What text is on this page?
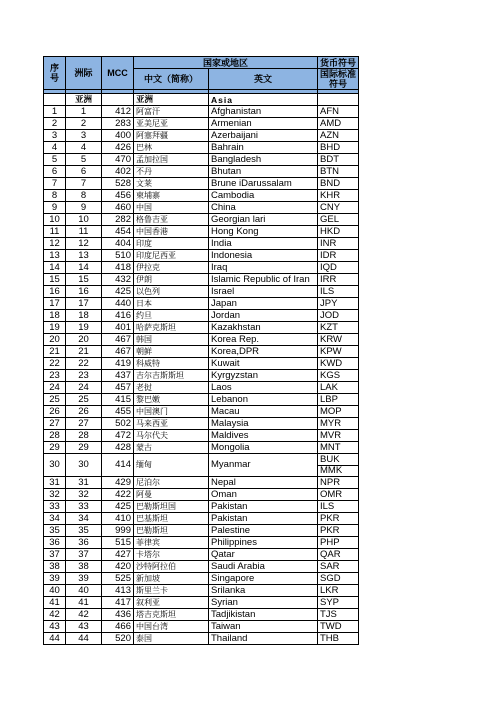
序号	洲际	MCC	国家或地区		货币符号
			中文（简称）	英文	国际标准符号

	亚洲		亚洲	Asia	
1	1	412	阿富汗	Afghanistan	AFN
2	2	283	亚美尼亚	Armenian	AMD
3	3	400	阿塞拜疆	Azerbaijani	AZN
4	4	426	巴林	Bahrain	BHD
5	5	470	孟加拉国	Bangladesh	BDT
6	6	402	不丹	Bhutan	BTN
7	7	528	文莱	Brune iDarussalam	BND
8	8	456	柬埔寨	Cambodia	KHR
9	9	460	中国	China	CNY
10	10	282	格鲁吉亚	Georgian lari	GEL
11	11	454	中国香港	Hong Kong	HKD
12	12	404	印度	India	INR
13	13	510	印度尼西亚	Indonesia	IDR
14	14	418	伊拉克	Iraq	IQD
15	15	432	伊朗	Islamic Republic of Iran	IRR
16	16	425	以色列	Israel	ILS
17	17	440	日本	Japan	JPY
18	18	416	约旦	Jordan	JOD
19	19	401	哈萨克斯坦	Kazakhstan	KZT
20	20	467	韩国	Korea Rep.	KRW
21	21	467	朝鲜	Korea,DPR	KPW
22	22	419	科威特	Kuwait	KWD
23	23	437	吉尔吉斯斯坦	Kyrgyzstan	KGS
24	24	457	老挝	Laos	LAK
25	25	415	黎巴嫩	Lebanon	LBP
26	26	455	中国澳门	Macau	MOP
27	27	502	马来西亚	Malaysia	MYR
28	28	472	马尔代夫	Maldives	MVR
29	29	428	蒙古	Mongolia	MNT
30	30	414	缅甸	Myanmar	BUK
					MMK
31	31	429	尼泊尔	Nepal	NPR
32	32	422	阿曼	Oman	OMR
33	33	425	巴勒斯坦国	Pakistan	ILS
34	34	410	巴基斯坦	Pakistan	PKR
35	35	999	巴勒斯坦	Palestine	PKR
36	36	515	菲律宾	Philippines	PHP
37	37	427	卡塔尔	Qatar	QAR
38	38	420	沙特阿拉伯	Saudi Arabia	SAR
39	39	525	新加坡	Singapore	SGD
40	40	413	斯里兰卡	Srilanka	LKR
41	41	417	叙利亚	Syrian	SYP
42	42	436	塔吉克斯坦	Tadjikistan	TJS
43	43	466	中国台湾	Taiwan	TWD
44	44	520	泰国	Thailand	THB
